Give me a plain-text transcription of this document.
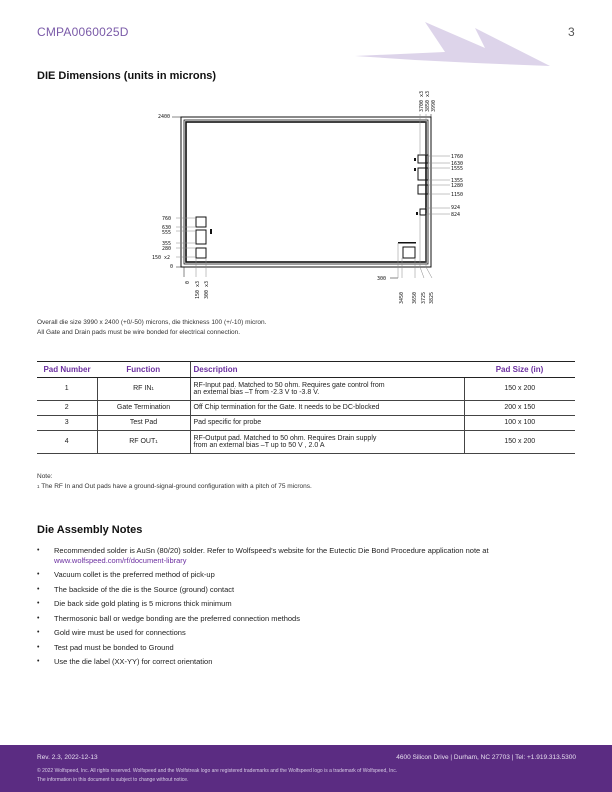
CMPA0060025D	3
DIE Dimensions (units in microns)
3700 x3 3850 x3 3990
2400
1760
1630
1555
1355
1280
1150
924
824
760
630
555
355
280
150 x2
0
0 150 x3 300 x3
300
3450 3650 3725 3825
Overall die size 3990 x 2400 (+0/-50) microns, die thickness 100 (+/-10) micron.
All Gate and Drain pads must be wire bonded for electrical connection.
Pad Number	Function	Description	Pad Size (in)
1	RF $IN^1$	RF-Input pad. Matched to 50 ohm. Requires gate control from
an external bias –T from -2.3 V to -3.8 V.	150 x 200
2	Gate Termination	Off Chip termination for the Gate. It needs to be DC-blocked	200 x 150
3	Test Pad	Pad specific for probe	100 x 100
4	RF OUT$^1$	RF-Output pad. Matched to 50 ohm. Requires Drain supply
from an external bias –T up to 50 V , 2.0 A	150 x 200
Note:
$^1$ The RF In and Out pads have a ground-signal-ground configuration with a pitch of 75 microns.
Die Assembly Notes
• Recommended solder is AuSn (80/20) solder. Refer to Wolfspeed’s website for the Eutectic Die Bond Procedure application note at
www.wolfspeed.com/rf/document-library
• Vacuum collet is the preferred method of pick-up
• The backside of the die is the Source (ground) contact
• Die back side gold plating is 5 microns thick minimum
• Thermosonic ball or wedge bonding are the preferred connection methods
• Gold wire must be used for connections
• Test pad must be bonded to Ground
• Use the die label (XX-YY) for correct orientation
Rev. 2.3, 2022-12-13	4600 Silicon Drive | Durham, NC 27703 | Tel: +1.919.313.5300
© 2022 Wolfspeed, Inc. All rights reserved. Wolfspeed and the Wolfstreak logo are registered trademarks and the Wolfspeed logo is a trademark of Wolfspeed, Inc.
The information in this document is subject to change without notice.
